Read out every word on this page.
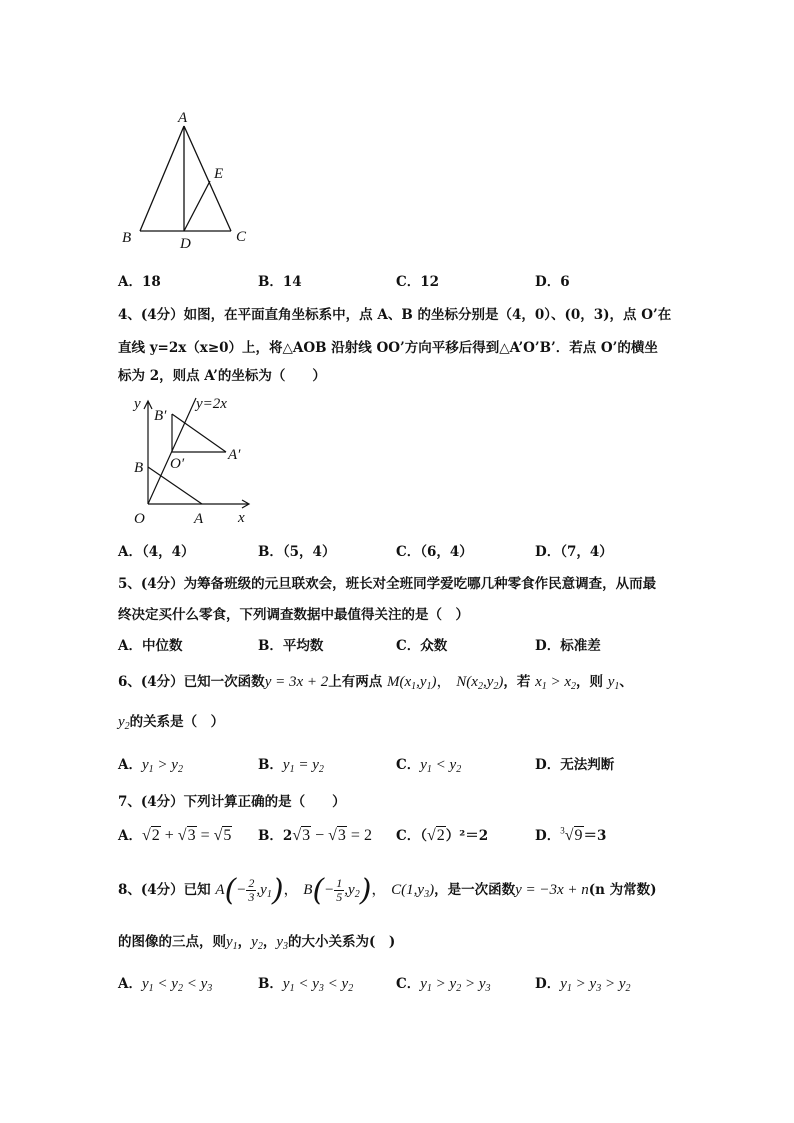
A
E
B	D	C
A．18	B．14	C．12	D．6
4、(4分）如图，在平面直角坐标系中，点 A、B 的坐标分别是（4，0）、(0，3)，点 O’在
直线 y=2x（x≥0）上，将△AOB 沿射线 OO’方向平移后得到△A’O’B’．若点 O’的横坐
标为 2，则点 A’的坐标为（　　）
y
x
O	A
B
B′
O′
A′
y=2x
A．（4，4）	B．（5，4）	C．（6，4）	D．（7，4）
5、(4分）为筹备班级的元旦联欢会，班长对全班同学爱吃哪几种零食作民意调查，从而最
终决定买什么零食，下列调查数据中最值得关注的是（　）
A．中位数	B．平均数	C．众数	D．标准差
6、(4分）已知一次函数y = 3x + 2上有两点 $M(x_1,y_1)$， $N(x_2,y_2)$，若 $x_1 > x_2$，则 $y_1$、
$y_2$的关系是（　）
A．$y_1 > y_2$	B．$y_1 = y_2$	C．$y_1 < y_2$	D．无法判断
7、(4分）下列计算正确的是（　　）
A．√2 + √3 = √5 B．2√3 − √3 = 2 C．（√2）²＝2	D．$^3$√9＝3
8、(4分）已知 $A(- \frac{2}{3} ,y_1)$， $B(- \frac{1}{5} ,y_2)$， $C(1,y_3)$，是一次函数y = −3x + n(n 为常数)
的图像的三点，则$y_1$，$y_2$，$y_3$的大小关系为(　)
A．$y_1 < y_2 < y_3$	B．$y_1 < y_3 < y_2$	C．$y_1 > y_2 > y_3$	D．$y_1 > y_3 > y_2$
